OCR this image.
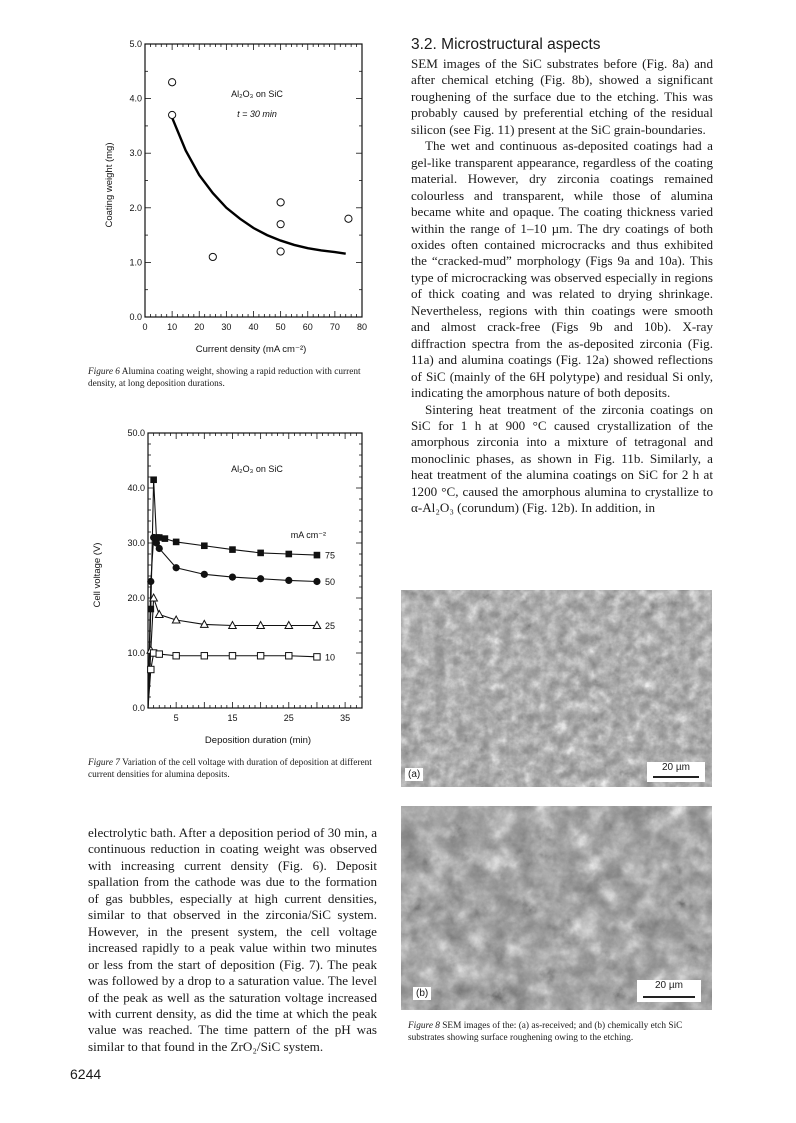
0 10 20 30 40 50 60 70 80
0.0
1.0
2.0
3.0
4.0
5.0
Al₂O₃ on SiC
t = 30 min
Current density (mA cm⁻²)
Coating weight (mg)
Figure 6 Alumina coating weight, showing a rapid reduction with current density, at long deposition durations.
5	15	25	35
0.0
10.0
20.0
30.0
40.0
50.0
75
50
25
10
Al₂O₃ on SiC
mA cm⁻²
Deposition duration (min)
Cell voltage (V)
Figure 7 Variation of the cell voltage with duration of deposition at different current densities for alumina deposits.

electrolytic bath. After a deposition period of 30 min, a continuous reduction in coating weight was observed with increasing current density (Fig. 6). Deposit spallation from the cathode was due to the formation of gas bubbles, especially at high current densities, similar to that observed in the zirconia/SiC system. However, in the present system, the cell voltage increased rapidly to a peak value within two minutes or less from the start of deposition (Fig. 7). The peak was followed by a drop to a saturation value. The level of the peak as well as the saturation voltage increased with current density, as did the time at which the peak value was reached. The time pattern of the pH was similar to that found in the ZrO₂/SiC system.

3.2. Microstructural aspects

SEM images of the SiC substrates before (Fig. 8a) and after chemical etching (Fig. 8b), showed a significant roughening of the surface due to the etching. This was probably caused by preferential etching of the residual silicon (see Fig. 11) present at the SiC grain-boundaries.

The wet and continuous as-deposited coatings had a gel-like transparent appearance, regardless of the coating material. However, dry zirconia coatings remained colourless and transparent, while those of alumina became white and opaque. The coating thickness varied within the range of 1–10 µm. The dry coatings of both oxides often contained microcracks and thus exhibited the “cracked-mud” morphology (Figs 9a and 10a). This type of microcracking was observed especially in regions of thick coating and was related to drying shrinkage. Nevertheless, regions with thin coatings were smooth and almost crack-free (Figs 9b and 10b). X-ray diffraction spectra from the as-deposited zirconia (Fig. 11a) and alumina coatings (Fig. 12a) showed reflections of SiC (mainly of the 6H polytype) and residual Si only, indicating the amorphous nature of both deposits.

Sintering heat treatment of the zirconia coatings on SiC for 1 h at 900 °C caused crystallization of the amorphous zirconia into a mixture of tetragonal and monoclinic phases, as shown in Fig. 11b. Similarly, a heat treatment of the alumina coatings on SiC for 2 h at 1200 °C, caused the amorphous alumina to crystallize to α-Al₂O₃ (corundum) (Fig. 12b). In addition, in

(a)
20 µm
(b)
20 µm
Figure 8 SEM images of the: (a) as-received; and (b) chemically etch SiC substrates showing surface roughening owing to the etching.
6244
